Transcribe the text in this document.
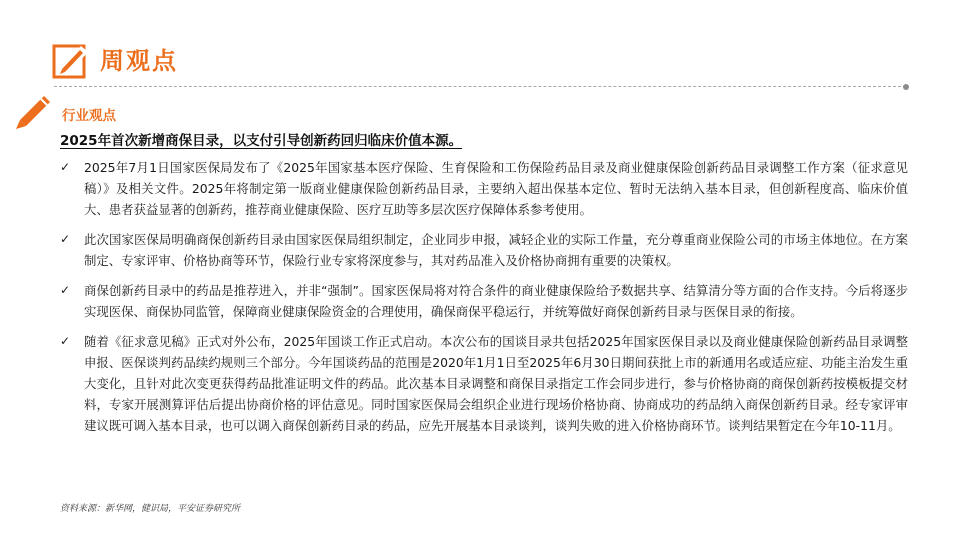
周观点
行业观点
2025年首次新增商保目录，以支付引导创新药回归临床价值本源。
✓ 2025年7月1日国家医保局发布了《2025年国家基本医疗保险、生育保险和工伤保险药品目录及商业健康保险创新药品目录调整工作方案（征求意见稿）》及相关文件。2025年将制定第一版商业健康保险创新药品目录，主要纳入超出保基本定位、暂时无法纳入基本目录，但创新程度高、临床价值大、患者获益显著的创新药，推荐商业健康保险、医疗互助等多层次医疗保障体系参考使用。
✓ 此次国家医保局明确商保创新药目录由国家医保局组织制定，企业同步申报，减轻企业的实际工作量，充分尊重商业保险公司的市场主体地位。在方案制定、专家评审、价格协商等环节，保险行业专家将深度参与，其对药品准入及价格协商拥有重要的决策权。
✓ 商保创新药目录中的药品是推荐进入，并非“强制”。国家医保局将对符合条件的商业健康保险给予数据共享、结算清分等方面的合作支持。今后将逐步实现医保、商保协同监管，保障商业健康保险资金的合理使用，确保商保平稳运行，并统筹做好商保创新药目录与医保目录的衔接。
✓ 随着《征求意见稿》正式对外公布，2025年国谈工作正式启动。本次公布的国谈目录共包括2025年国家医保目录以及商业健康保险创新药品目录调整申报、医保谈判药品续约规则三个部分。今年国谈药品的范围是2020年1月1日至2025年6月30日期间获批上市的新通用名或适应症、功能主治发生重大变化，且针对此次变更获得药品批准证明文件的药品。此次基本目录调整和商保目录指定工作会同步进行，参与价格协商的商保创新药按模板提交材料，专家开展测算评估后提出协商价格的评估意见。同时国家医保局会组织企业进行现场价格协商、协商成功的药品纳入商保创新药目录。经专家评审建议既可调入基本目录，也可以调入商保创新药目录的药品，应先开展基本目录谈判，谈判失败的进入价格协商环节。谈判结果暂定在今年10-11月。
资料来源：新华网，健识局，平安证券研究所
